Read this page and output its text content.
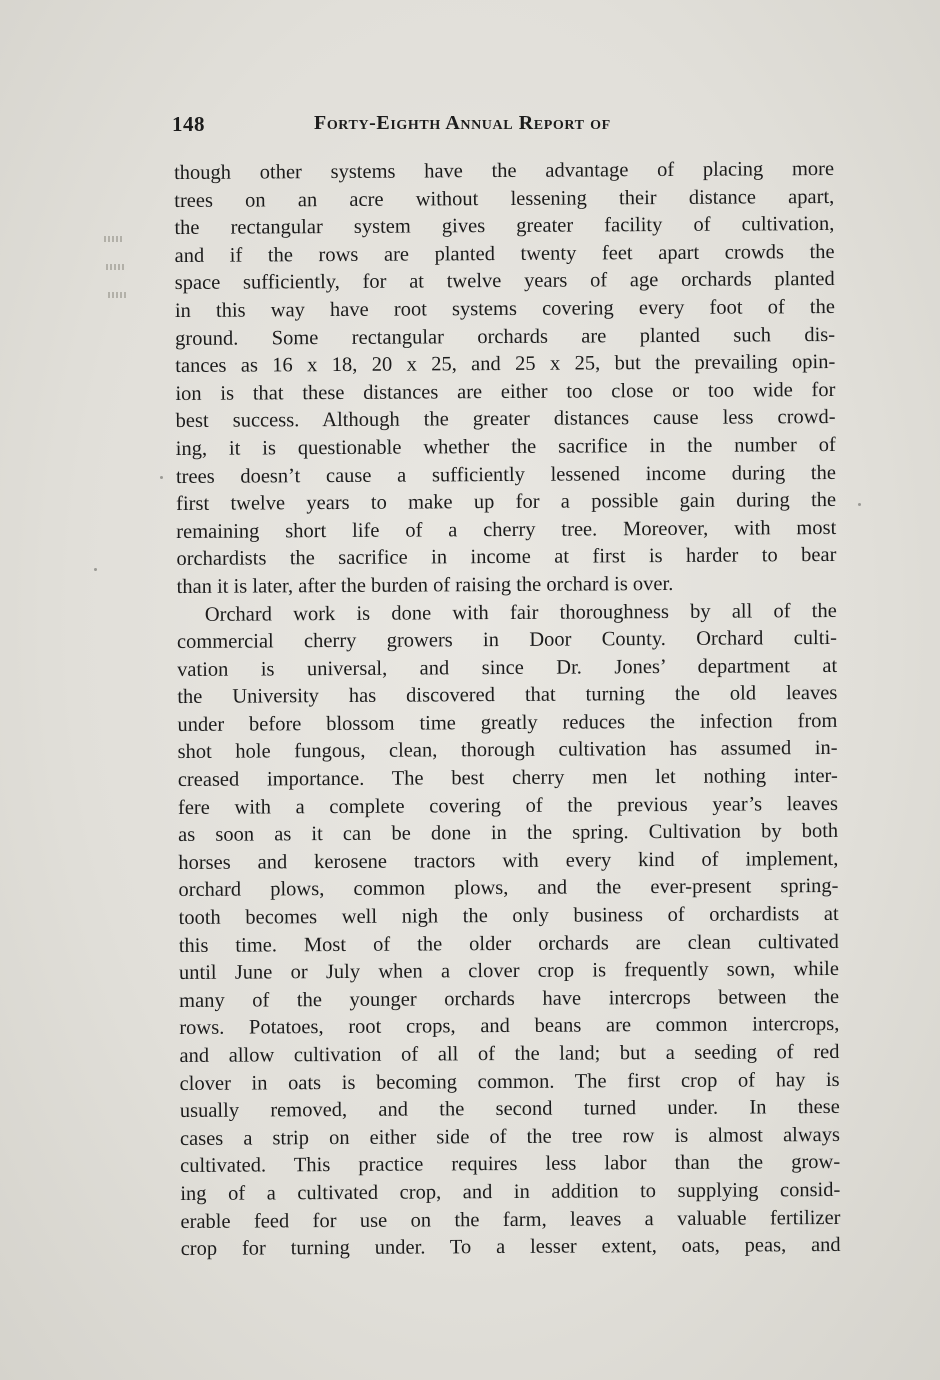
148	Forty-Eighth Annual Report of
though other systems have the advantage of placing more
trees on an acre without lessening their distance apart,
the rectangular system gives greater facility of cultivation,
and if the rows are planted twenty feet apart crowds the
space sufficiently, for at twelve years of age orchards planted
in this way have root systems covering every foot of the
ground. Some rectangular orchards are planted such dis-
tances as 16 x 18, 20 x 25, and 25 x 25, but the prevailing opin-
ion is that these distances are either too close or too wide for
best success. Although the greater distances cause less crowd-
ing, it is questionable whether the sacrifice in the number of
trees doesn’t cause a sufficiently lessened income during the
first twelve years to make up for a possible gain during the
remaining short life of a cherry tree. Moreover, with most
orchardists the sacrifice in income at first is harder to bear
than it is later, after the burden of raising the orchard is over.
Orchard work is done with fair thoroughness by all of the
commercial cherry growers in Door County. Orchard culti-
vation is universal, and since Dr. Jones’ department at
the University has discovered that turning the old leaves
under before blossom time greatly reduces the infection from
shot hole fungous, clean, thorough cultivation has assumed in-
creased importance. The best cherry men let nothing inter-
fere with a complete covering of the previous year’s leaves
as soon as it can be done in the spring. Cultivation by both
horses and kerosene tractors with every kind of implement,
orchard plows, common plows, and the ever-present spring-
tooth becomes well nigh the only business of orchardists at
this time. Most of the older orchards are clean cultivated
until June or July when a clover crop is frequently sown, while
many of the younger orchards have intercrops between the
rows. Potatoes, root crops, and beans are common intercrops,
and allow cultivation of all of the land; but a seeding of red
clover in oats is becoming common. The first crop of hay is
usually removed, and the second turned under. In these
cases a strip on either side of the tree row is almost always
cultivated. This practice requires less labor than the grow-
ing of a cultivated crop, and in addition to supplying consid-
erable feed for use on the farm, leaves a valuable fertilizer
crop for turning under. To a lesser extent, oats, peas, and
